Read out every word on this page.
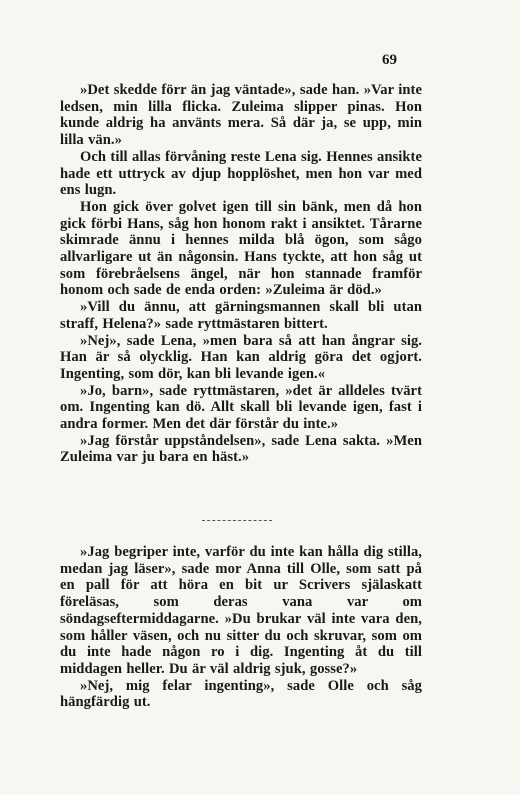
69

»Det skedde förr än jag väntade», sade han. »Var inte ledsen, min lilla flicka. Zuleima slipper pinas. Hon kunde aldrig ha använts mera. Så där ja, se upp, min lilla vän.»

Och till allas förvåning reste Lena sig. Hennes ansikte hade ett uttryck av djup hopplöshet, men hon var med ens lugn.

Hon gick över golvet igen till sin bänk, men då hon gick förbi Hans, såg hon honom rakt i ansiktet. Tårarne skimrade ännu i hennes milda blå ögon, som sågo allvarligare ut än någonsin. Hans tyckte, att hon såg ut som förebråelsens ängel, när hon stannade framför honom och sade de enda orden: »Zuleima är död.»

»Vill du ännu, att gärningsmannen skall bli utan straff, Helena?» sade ryttmästaren bittert.

»Nej», sade Lena, »men bara så att han ångrar sig. Han är så olycklig. Han kan aldrig göra det ogjort. Ingenting, som dör, kan bli levande igen.«

»Jo, barn», sade ryttmästaren, »det är alldeles tvärt om. Ingenting kan dö. Allt skall bli levande igen, fast i andra former. Men det där förstår du inte.»

»Jag förstår uppståndelsen», sade Lena sakta. »Men Zuleima var ju bara en häst.»

»Jag begriper inte, varför du inte kan hålla dig stilla, medan jag läser», sade mor Anna till Olle, som satt på en pall för att höra en bit ur Scrivers själaskatt föreläsas, som deras vana var om söndagseftermiddagarne. »Du brukar väl inte vara den, som håller väsen, och nu sitter du och skruvar, som om du inte hade någon ro i dig. Ingenting åt du till middagen heller. Du är väl aldrig sjuk, gosse?»

»Nej, mig felar ingenting», sade Olle och såg hängfärdig ut.
